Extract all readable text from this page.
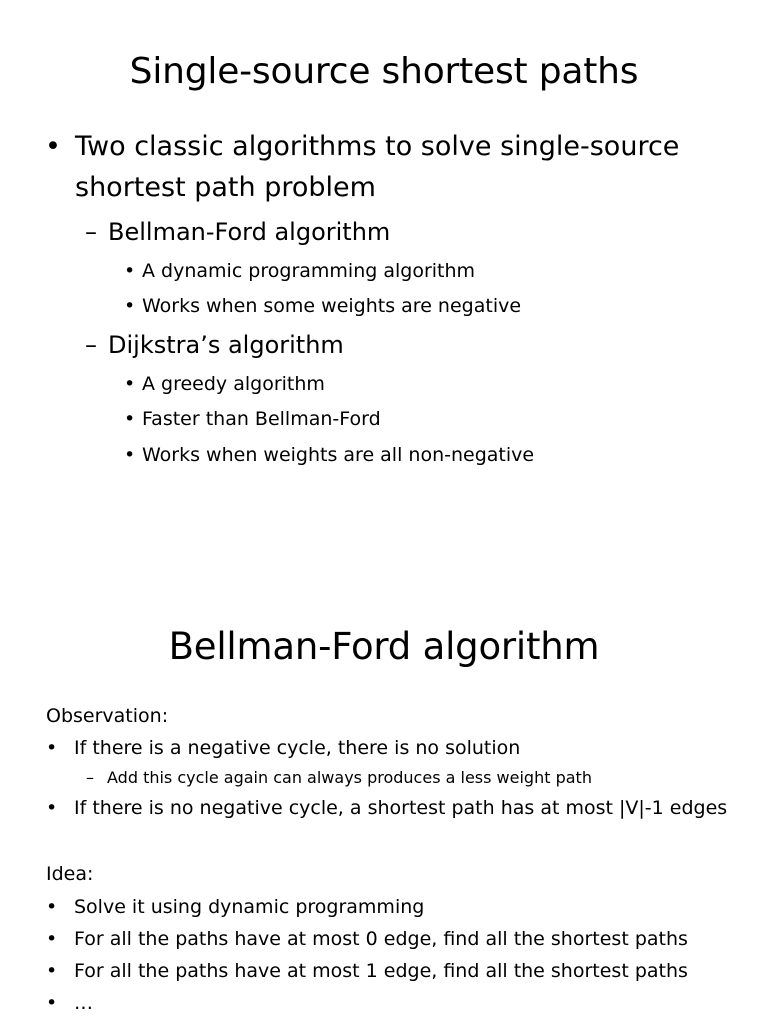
Single-source shortest paths
• Two classic algorithms to solve single-source
shortest path problem
– Bellman-Ford algorithm
• A dynamic programming algorithm
• Works when some weights are negative
– Dijkstra’s algorithm
• A greedy algorithm
• Faster than Bellman-Ford
• Works when weights are all non-negative
Bellman-Ford algorithm
Observation:
• If there is a negative cycle, there is no solution
– Add this cycle again can always produces a less weight path
• If there is no negative cycle, a shortest path has at most |V|-1 edges
Idea:
• Solve it using dynamic programming
• For all the paths have at most 0 edge, find all the shortest paths
• For all the paths have at most 1 edge, find all the shortest paths
• …
